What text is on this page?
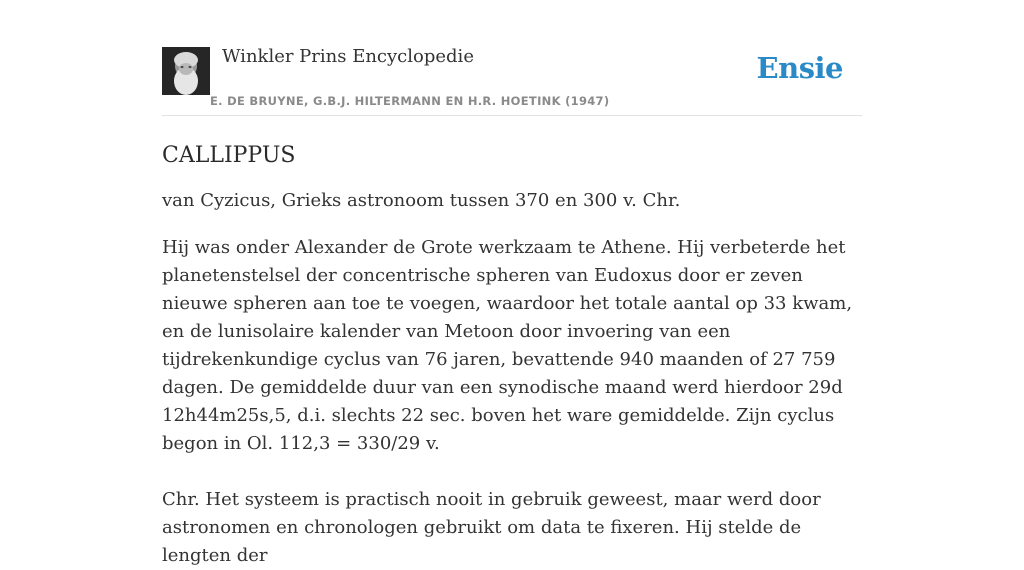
Winkler Prins Encyclopedie
E. DE BRUYNE, G.B.J. HILTERMANN EN H.R. HOETINK (1947)
Ensie
CALLIPPUS

van Cyzicus, Grieks astronoom tussen 370 en 300 v. Chr.

Hij was onder Alexander de Grote werkzaam te Athene. Hij verbeterde het planetenstelsel der concentrische spheren van Eudoxus door er zeven nieuwe spheren aan toe te voegen, waardoor het totale aantal op 33 kwam, en de lunisolaire kalender van Metoon door invoering van een tijdrekenkundige cyclus van 76 jaren, bevattende 940 maanden of 27 759 dagen. De gemiddelde duur van een synodische maand werd hierdoor 29d 12h44m25s,5, d.i. slechts 22 sec. boven het ware gemiddelde. Zijn cyclus begon in Ol. 112,3 = 330/29 v.

Chr. Het systeem is practisch nooit in gebruik geweest, maar werd door astronomen en chronologen gebruikt om data te fixeren. Hij stelde de lengten der
